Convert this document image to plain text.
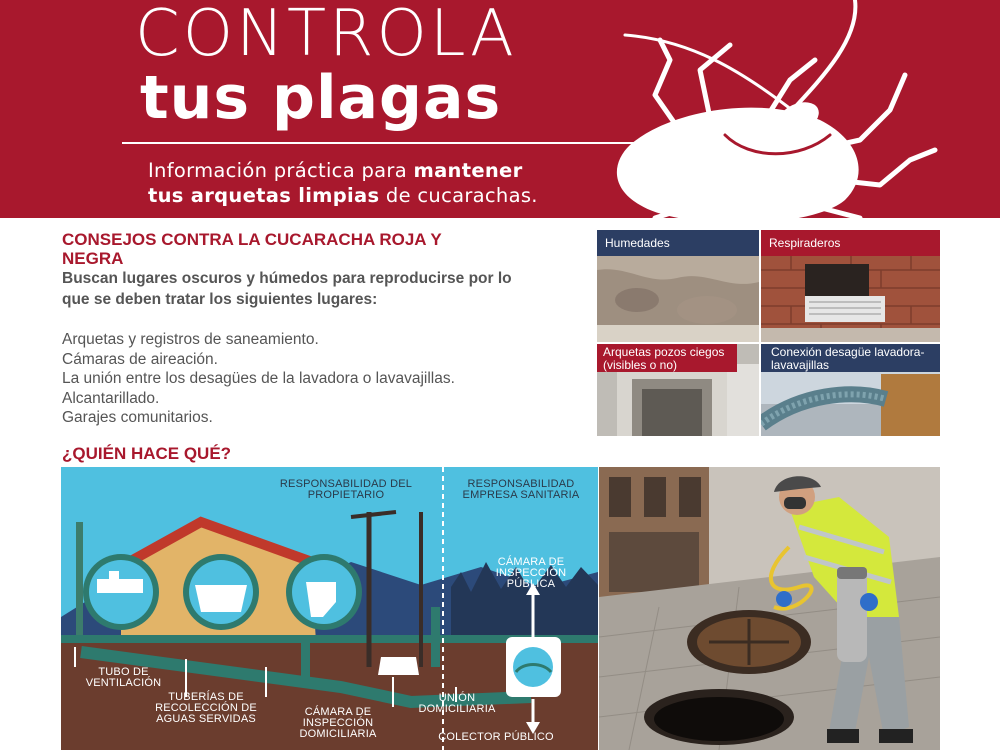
CONTROLA
tus plagas
Información práctica para mantener
tus arquetas limpias de cucarachas.
CONSEJOS CONTRA LA CUCARACHA ROJA Y NEGRA
Buscan lugares oscuros y húmedos para reproducirse por lo que se deben tratar los siguientes lugares:
Arquetas y registros de saneamiento.
Cámaras de aireación.
La unión entre los desagües de la lavadora o lavavajillas.
Alcantarillado.
Garajes comunitarios.
Humedades	Respiraderos
Arquetas pozos ciegos (visibles o no)
Conexión desagüe lavadora-lavavajillas
¿QUIÉN HACE QUÉ?
RESPONSABILIDAD DEL PROPIETARIO
RESPONSABILIDAD EMPRESA SANITARIA
CÁMARA DE INSPECCIÓN PÚBLICA
TUBO DE VENTILACIÓN
TUBERÍAS DE RECOLECCIÓN DE AGUAS SERVIDAS
CÁMARA DE INSPECCIÓN DOMICILIARIA
UNIÓN DOMICILIARIA
COLECTOR PÚBLICO
